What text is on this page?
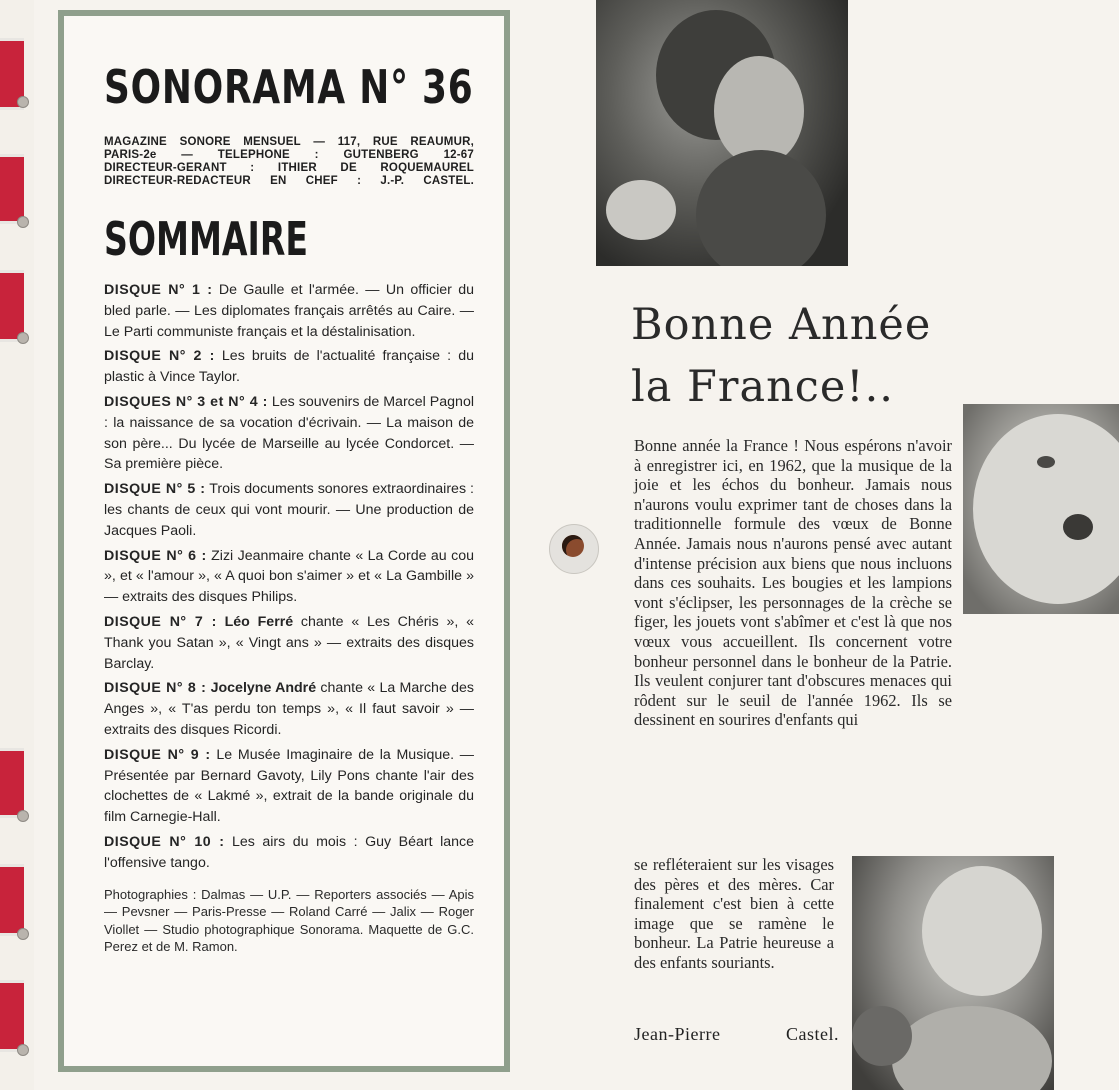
SONORAMA N° 36
MAGAZINE SONORE MENSUEL — 117, RUE REAUMUR,
PARIS-2e — TELEPHONE : GUTENBERG 12-67
DIRECTEUR-GERANT : ITHIER DE ROQUEMAUREL
DIRECTEUR-REDACTEUR EN CHEF : J.-P. CASTEL.
SOMMAIRE
DISQUE N° 1 : De Gaulle et l'armée. — Un officier du bled parle. — Les diplomates français arrêtés au Caire. — Le Parti communiste français et la déstalinisation.
DISQUE N° 2 : Les bruits de l'actualité française : du plastic à Vince Taylor.
DISQUES N° 3 et N° 4 : Les souvenirs de Marcel Pagnol : la naissance de sa vocation d'écrivain. — La maison de son père... Du lycée de Marseille au lycée Condorcet. — Sa première pièce.
DISQUE N° 5 : Trois documents sonores extraordinaires : les chants de ceux qui vont mourir. — Une production de Jacques Paoli.
DISQUE N° 6 : Zizi Jeanmaire chante « La Corde au cou », et « l'amour », « A quoi bon s'aimer » et « La Gambille » — extraits des disques Philips.
DISQUE N° 7 : Léo Ferré chante « Les Chéris », « Thank you Satan », « Vingt ans » — extraits des disques Barclay.
DISQUE N° 8 : Jocelyne André chante « La Marche des Anges », « T'as perdu ton temps », « Il faut savoir » — extraits des disques Ricordi.
DISQUE N° 9 : Le Musée Imaginaire de la Musique. — Présentée par Bernard Gavoty, Lily Pons chante l'air des clochettes de « Lakmé », extrait de la bande originale du film Carnegie-Hall.
DISQUE N° 10 : Les airs du mois : Guy Béart lance l'offensive tango.
Photographies : Dalmas — U.P. — Reporters associés — Apis — Pevsner — Paris-Presse — Roland Carré — Jalix — Roger Viollet — Studio photographique Sonorama. Maquette de G.C. Perez et de M. Ramon.
Bonne Année
la France!..

Bonne année la France ! Nous espérons n'avoir à enregistrer ici, en 1962, que la musique de la joie et les échos du bonheur. Jamais nous n'aurons voulu exprimer tant de choses dans la traditionnelle formule des vœux de Bonne Année. Jamais nous n'aurons pensé avec autant d'intense précision aux biens que nous incluons dans ces souhaits. Les bougies et les lampions vont s'éclipser, les personnages de la crèche se figer, les jouets vont s'abîmer et c'est là que nos vœux vous accueillent. Ils concernent votre bonheur personnel dans le bonheur de la Patrie. Ils veulent conjurer tant d'obscures menaces qui rôdent sur le seuil de l'année 1962. Ils se dessinent en sourires d'enfants qui

se refléteraient sur les visages des pères et des mères. Car finalement c'est bien à cette image que se ramène le bonheur. La Patrie heureuse a des enfants souriants.

Jean-Pierre	Castel.
